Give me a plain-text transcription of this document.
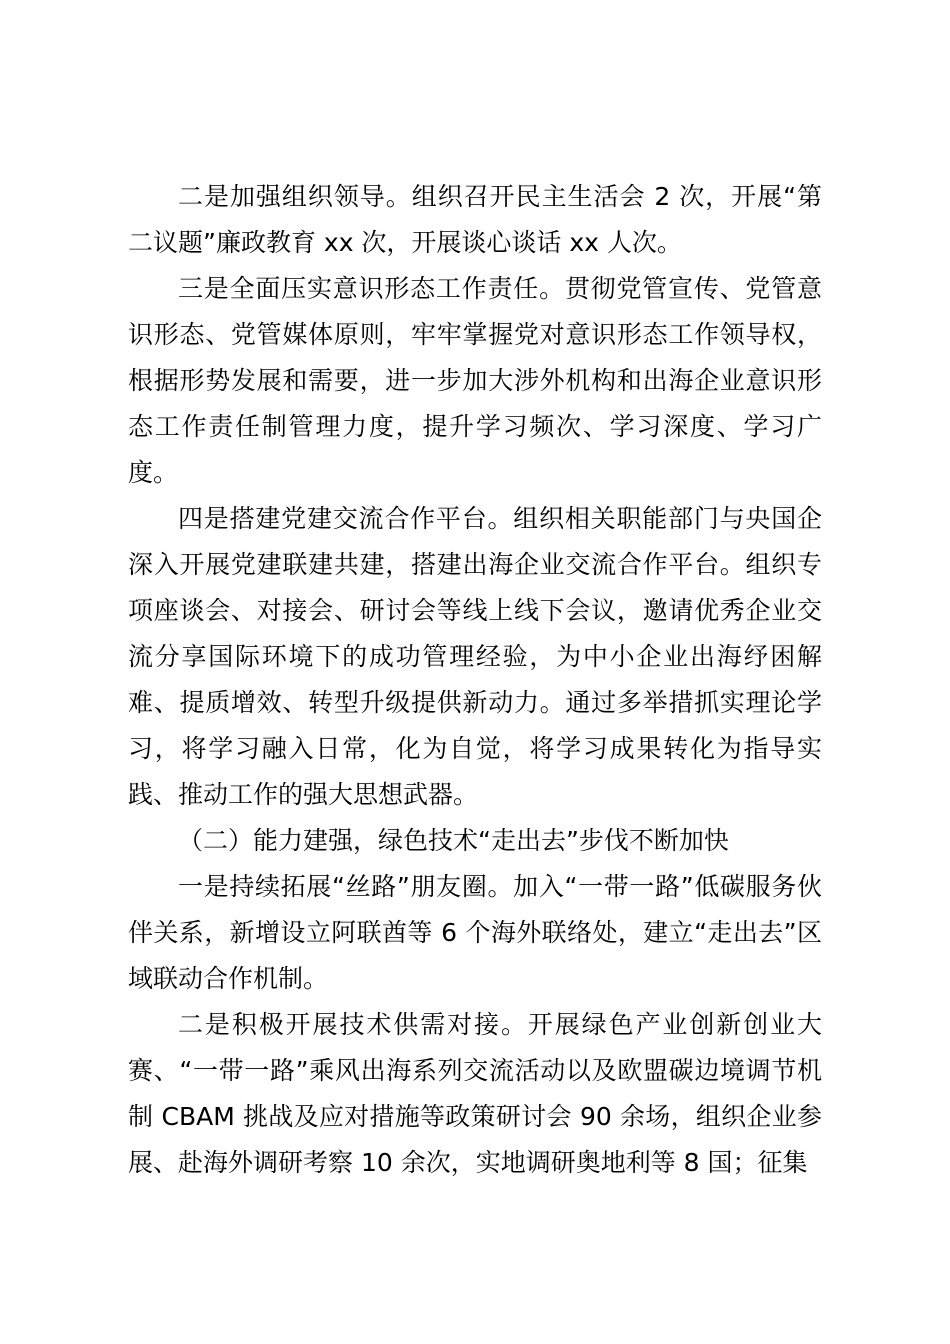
二是加强组织领导。组织召开民主生活会 2 次，开展“第二议题”廉政教育 xx 次，开展谈心谈话 xx 人次。

三是全面压实意识形态工作责任。贯彻党管宣传、党管意识形态、党管媒体原则，牢牢掌握党对意识形态工作领导权，根据形势发展和需要，进一步加大涉外机构和出海企业意识形态工作责任制管理力度，提升学习频次、学习深度、学习广度。

四是搭建党建交流合作平台。组织相关职能部门与央国企深入开展党建联建共建，搭建出海企业交流合作平台。组织专项座谈会、对接会、研讨会等线上线下会议，邀请优秀企业交流分享国际环境下的成功管理经验，为中小企业出海纾困解难、提质增效、转型升级提供新动力。通过多举措抓实理论学习，将学习融入日常，化为自觉，将学习成果转化为指导实践、推动工作的强大思想武器。

（二）能力建强，绿色技术“走出去”步伐不断加快

一是持续拓展“丝路”朋友圈。加入“一带一路”低碳服务伙伴关系，新增设立阿联酋等 6 个海外联络处，建立“走出去”区域联动合作机制。

二是积极开展技术供需对接。开展绿色产业创新创业大赛、“一带一路”乘风出海系列交流活动以及欧盟碳边境调节机制 CBAM 挑战及应对措施等政策研讨会 90 余场，组织企业参展、赴海外调研考察 10 余次，实地调研奥地利等 8 国；征集
